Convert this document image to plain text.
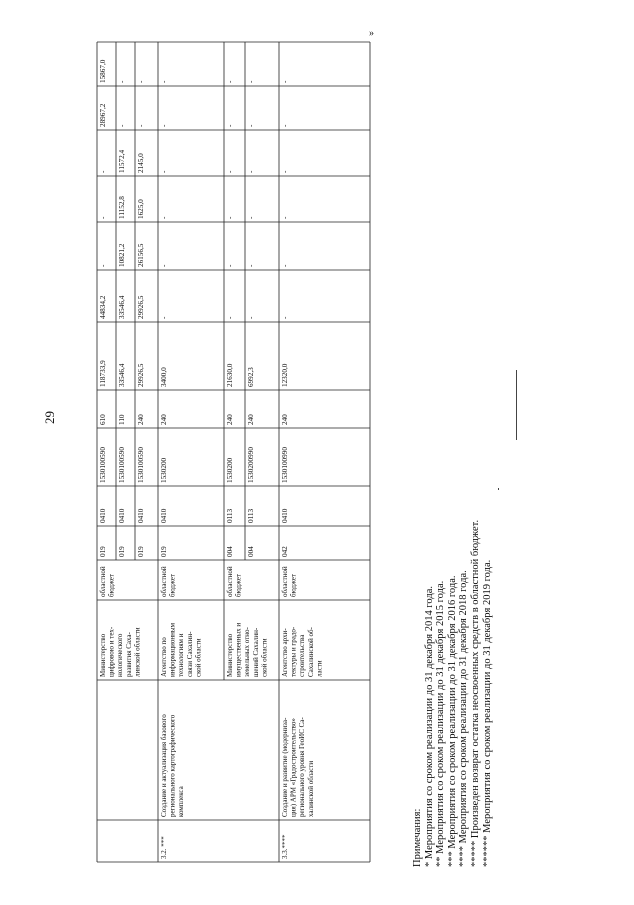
29
»
Министерствоцифровою и тех-нологическогоразвития Саха-линской области
областнойбюджет
019
0410
1530100590
610
118733,9
44834,2
-
-
-
28967,2
15867,0
019
0410
1530100590
110
33546,4
33546,4
10821,2
11152,8
11572,4
-
-
019
0410
1530100590
240
29926,5
29926,5
26156,5
1625,0
2145,0
-
-
3.2. ***
Создание и актуализация базовогорегионального картографическогокомплекса
Агентство поинформационнымтехнологиям исвязи Сахалин-ской области
областнойбюджет
019
0410
1530200
240
3400,0
-
-
-
-
-
-
Министерствоимущественных иземельных отно-шений Сахалин-ской области
областнойбюджет
004
0113
1530200
240
21630,0
-
-
-
-
-
-
004
0113
1530200990
240
6992,3
-
-
-
-
-
-
3.3.****
Создание и развитие (модерниза-ция) АРМ «Градостроительство»регионального уровня ГеоИС Са-халинской области
Агентство архи-тектуры и градо-строительстваСахалинской об-ласти
областнойбюджет
042
0410
1530100990
240
12320,0
-
-
-
-
-
-
Примечания: * Мероприятия со сроком реализации до 31 декабря 2014 года. ** Мероприятия со сроком реализации до 31 декабря 2015 года. *** Мероприятия со сроком реализации до 31 декабря 2016 года. **** Мероприятия со сроком реализации до 31 декабря 2018 года. ***** Произведен возврат остатка неосвоенных средств в областной бюджет. ****** Мероприятия со сроком реализации до 31 декабря 2019 года.
